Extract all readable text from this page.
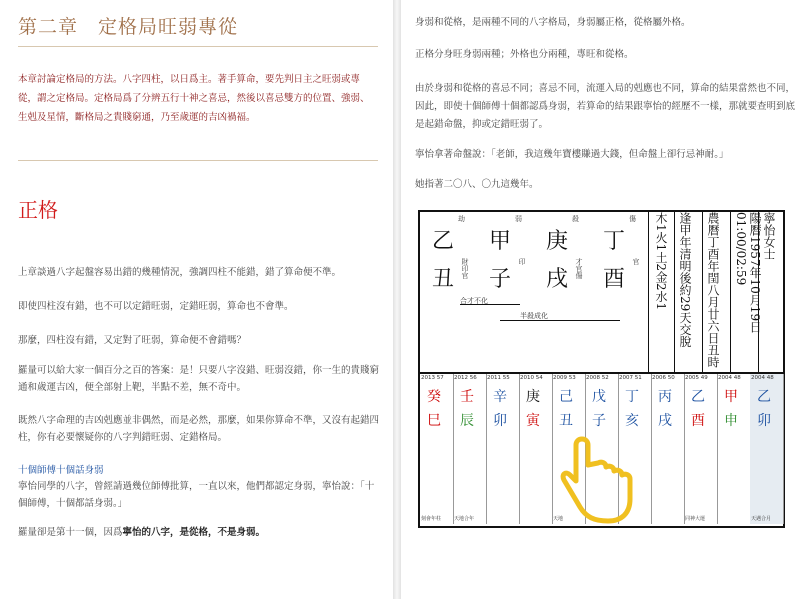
第二章　定格局旺弱專從
本章討論定格局的方法。八字四柱，以日爲主。著手算命，要先判日主之旺弱或專
從，謂之定格局。定格局爲了分辨五行十神之喜忌，然後以喜忌雙方的位置、強弱、
生剋及星情，斷格局之貴賤窮通，乃至歲運的吉凶禍福。
正格
上章談過八字起盤容易出錯的幾種情況，強調四柱不能錯，錯了算命便不準。
即使四柱沒有錯，也不可以定錯旺弱，定錯旺弱，算命也不會準。
那麼，四柱沒有錯，又定對了旺弱，算命便不會錯嗎？
羅量可以給大家一個百分之百的答案：是！只要八字沒錯、旺弱沒錯，你一生的貴賤窮通和歲運吉凶，便全部射上靶，半點不差，無不奇中。
既然八字命理的吉凶剋應並非偶然，而是必然，那麼，如果你算命不準，又沒有起錯四柱，你有必要懷疑你的八字判錯旺弱、定錯格局。
十個師傅十個話身弱
寧怡同學的八字，曾經請過幾位師傅批算，一直以來，他們都認定身弱，寧怡說：「十個師傅，十個都話身弱。」
羅量卻是第十一個，因爲寧怡的八字，是從格，不是身弱。
身弱和從格，是兩種不同的八字格局，身弱屬正格，從格屬外格。
正格分身旺身弱兩種；外格也分兩種，專旺和從格。
由於身弱和從格的喜忌不同；喜忌不同，流運入局的剋應也不同，算命的結果當然也不同，因此，即使十個師傅十個都認爲身弱，若算命的結果跟寧怡的經歷不一樣，那就要查明到底是起錯命盤，抑或定錯旺弱了。
寧怡拿著命盤說：「老師，我這幾年寶樓賺過大錢，但命盤上卻行忌神耐。」
她指著二〇八、〇九這幾年。
劫
乙
丑 財印官
弱
甲
子
印
殺
庚
戌 才官傷
傷
丁
酉
官
合才不化
半殺成化
木1火1土2金2水1 逢甲年清明後約29天交脫 農曆丁酉年閏八月廿六日丑時	陽曆1957年10月19日01:00/02:59	寧怡女士
2013 57
癸
巳
刻會年柱
2012 56
壬
辰
天地合年
2011 55
辛
卯
2010 54
庚
寅
2009 53
己
丑
天地
2008 52
戊
子
2007 51
丁
亥
2006 50
丙
戌
2005 49
乙
酉
同神大運
2004 48
甲
申
2004 48
乙
卯
天遇合月
